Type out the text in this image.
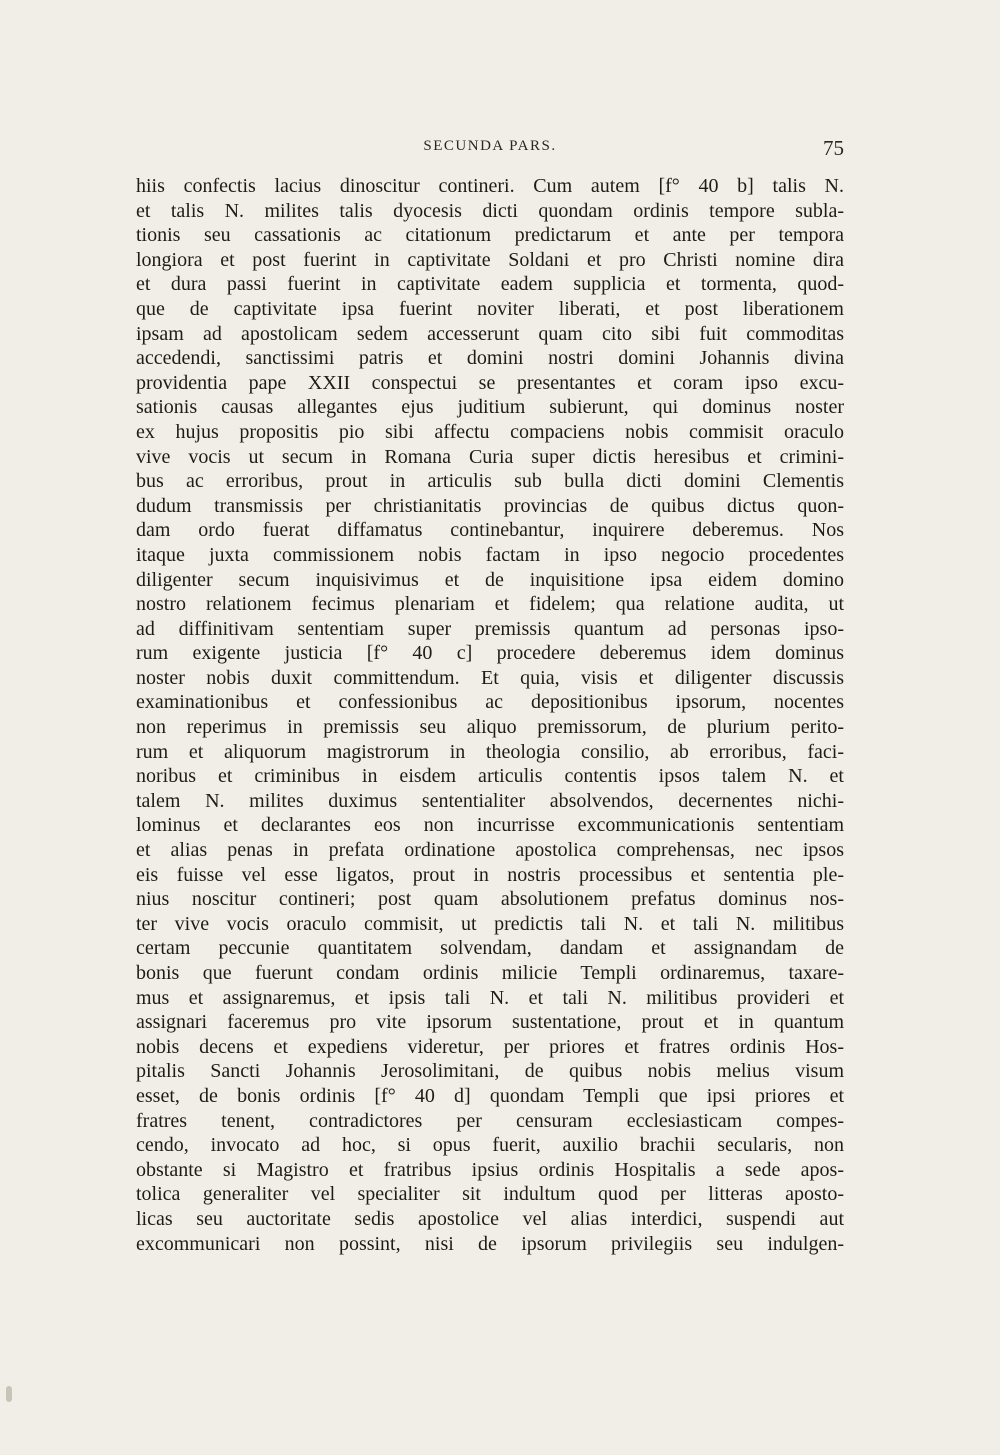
SECUNDA PARS.	75
hiis confectis lacius dinoscitur contineri. Cum autem [f° 40 b] talis N.
et talis N. milites talis dyocesis dicti quondam ordinis tempore subla-
tionis seu cassationis ac citationum predictarum et ante per tempora
longiora et post fuerint in captivitate Soldani et pro Christi nomine dira
et dura passi fuerint in captivitate eadem supplicia et tormenta, quod-
que de captivitate ipsa fuerint noviter liberati, et post liberationem
ipsam ad apostolicam sedem accesserunt quam cito sibi fuit commoditas
accedendi, sanctissimi patris et domini nostri domini Johannis divina
providentia pape XXII conspectui se presentantes et coram ipso excu-
sationis causas allegantes ejus juditium subierunt, qui dominus noster
ex hujus propositis pio sibi affectu compaciens nobis commisit oraculo
vive vocis ut secum in Romana Curia super dictis heresibus et crimini-
bus ac erroribus, prout in articulis sub bulla dicti domini Clementis
dudum transmissis per christianitatis provincias de quibus dictus quon-
dam ordo fuerat diffamatus continebantur, inquirere deberemus. Nos
itaque juxta commissionem nobis factam in ipso negocio procedentes
diligenter secum inquisivimus et de inquisitione ipsa eidem domino
nostro relationem fecimus plenariam et fidelem; qua relatione audita, ut
ad diffinitivam sententiam super premissis quantum ad personas ipso-
rum exigente justicia [f° 40 c] procedere deberemus idem dominus
noster nobis duxit committendum. Et quia, visis et diligenter discussis
examinationibus et confessionibus ac depositionibus ipsorum, nocentes
non reperimus in premissis seu aliquo premissorum, de plurium perito-
rum et aliquorum magistrorum in theologia consilio, ab erroribus, faci-
noribus et criminibus in eisdem articulis contentis ipsos talem N. et
talem N. milites duximus sententialiter absolvendos, decernentes nichi-
lominus et declarantes eos non incurrisse excommunicationis sententiam
et alias penas in prefata ordinatione apostolica comprehensas, nec ipsos
eis fuisse vel esse ligatos, prout in nostris processibus et sententia ple-
nius noscitur contineri; post quam absolutionem prefatus dominus nos-
ter vive vocis oraculo commisit, ut predictis tali N. et tali N. militibus
certam peccunie quantitatem solvendam, dandam et assignandam de
bonis que fuerunt condam ordinis milicie Templi ordinaremus, taxare-
mus et assignaremus, et ipsis tali N. et tali N. militibus provideri et
assignari faceremus pro vite ipsorum sustentatione, prout et in quantum
nobis decens et expediens videretur, per priores et fratres ordinis Hos-
pitalis Sancti Johannis Jerosolimitani, de quibus nobis melius visum
esset, de bonis ordinis [f° 40 d] quondam Templi que ipsi priores et
fratres tenent, contradictores per censuram ecclesiasticam compes-
cendo, invocato ad hoc, si opus fuerit, auxilio brachii secularis, non
obstante si Magistro et fratribus ipsius ordinis Hospitalis a sede apos-
tolica generaliter vel specialiter sit indultum quod per litteras aposto-
licas seu auctoritate sedis apostolice vel alias interdici, suspendi aut
excommunicari non possint, nisi de ipsorum privilegiis seu indulgen-
